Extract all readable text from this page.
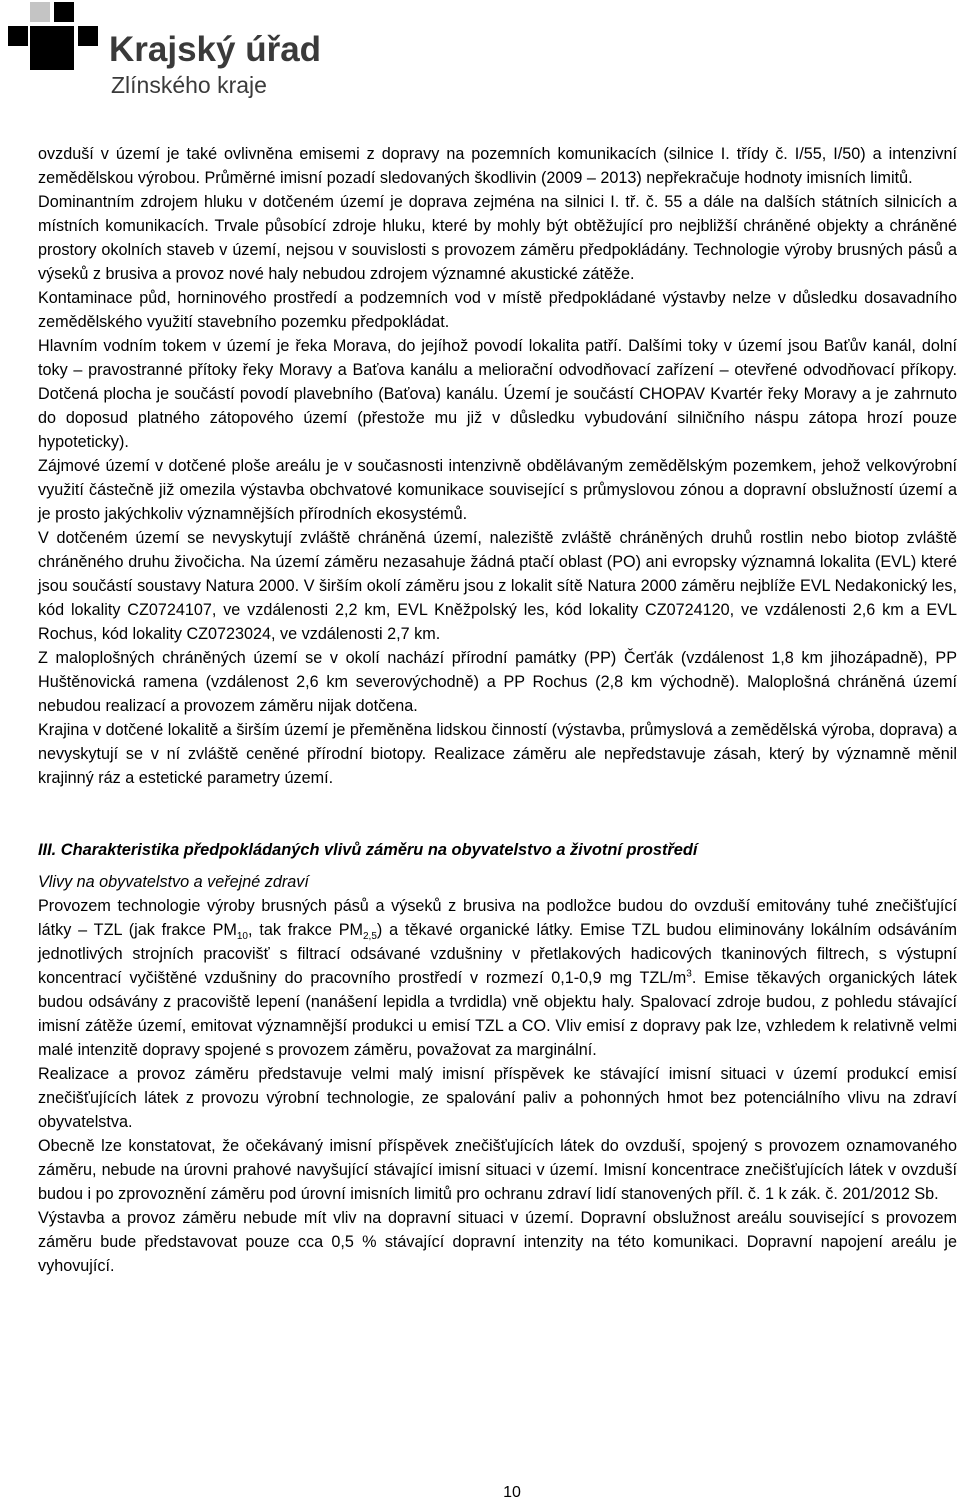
Krajský úřad
Zlínského kraje

ovzduší v území je také ovlivněna emisemi z dopravy na pozemních komunikacích (silnice I. třídy č. I/55, I/50) a intenzivní zemědělskou výrobou. Průměrné imisní pozadí sledovaných škodlivin (2009 – 2013) nepřekračuje hodnoty imisních limitů.

Dominantním zdrojem hluku v dotčeném území je doprava zejména na silnici I. tř. č. 55 a dále na dalších státních silnicích a místních komunikacích. Trvale působící zdroje hluku, které by mohly být obtěžující pro nejbližší chráněné objekty a chráněné prostory okolních staveb v území, nejsou v souvislosti s provozem záměru předpokládány. Technologie výroby brusných pásů a výseků z brusiva a provoz nové haly nebudou zdrojem významné akustické zátěže.

Kontaminace půd, horninového prostředí a podzemních vod v místě předpokládané výstavby nelze v důsledku dosavadního zemědělského využití stavebního pozemku předpokládat.

Hlavním vodním tokem v území je řeka Morava, do jejíhož povodí lokalita patří. Dalšími toky v území jsou Baťův kanál, dolní toky – pravostranné přítoky řeky Moravy a Baťova kanálu a meliorační odvodňovací zařízení – otevřené odvodňovací příkopy. Dotčená plocha je součástí povodí plavebního (Baťova) kanálu. Území je součástí CHOPAV Kvartér řeky Moravy a je zahrnuto do doposud platného zátopového území (přestože mu již v důsledku vybudování silničního náspu zátopa hrozí pouze hypoteticky).

Zájmové území v dotčené ploše areálu je v současnosti intenzivně obdělávaným zemědělským pozemkem, jehož velkovýrobní využití částečně již omezila výstavba obchvatové komunikace související s průmyslovou zónou a dopravní obslužností území a je prosto jakýchkoliv významnějších přírodních ekosystémů.

V dotčeném území se nevyskytují zvláště chráněná území, naleziště zvláště chráněných druhů rostlin nebo biotop zvláště chráněného druhu živočicha. Na území záměru nezasahuje žádná ptačí oblast (PO) ani evropsky významná lokalita (EVL) které jsou součástí soustavy Natura 2000. V širším okolí záměru jsou z lokalit sítě Natura 2000 záměru nejblíže EVL Nedakonický les, kód lokality CZ0724107, ve vzdálenosti 2,2 km, EVL Kněžpolský les, kód lokality CZ0724120, ve vzdálenosti 2,6 km a EVL Rochus, kód lokality CZ0723024, ve vzdálenosti 2,7 km.

Z maloplošných chráněných území se v okolí nachází přírodní památky (PP) Čerťák (vzdálenost 1,8 km jihozápadně), PP Huštěnovická ramena (vzdálenost 2,6 km severovýchodně) a PP Rochus (2,8 km východně). Maloplošná chráněná území nebudou realizací a provozem záměru nijak dotčena.

Krajina v dotčené lokalitě a širším území je přeměněna lidskou činností (výstavba, průmyslová a zemědělská výroba, doprava) a nevyskytují se v ní zvláště ceněné přírodní biotopy. Realizace záměru ale nepředstavuje zásah, který by významně měnil krajinný ráz a estetické parametry území.

III. Charakteristika předpokládaných vlivů záměru na obyvatelstvo a životní prostředí

Vlivy na obyvatelstvo a veřejné zdraví

Provozem technologie výroby brusných pásů a výseků z brusiva na podložce budou do ovzduší emitovány tuhé znečišťující látky – TZL (jak frakce $PM_{10}$, tak frakce $PM_{2,5}$) a těkavé organické látky. Emise TZL budou eliminovány lokálním odsáváním jednotlivých strojních pracovišť s filtrací odsávané vzdušniny v přetlakových hadicových tkaninových filtrech, s výstupní koncentrací vyčištěné vzdušniny do pracovního prostředí v rozmezí 0,1-0,9 mg TZL/$m^3$. Emise těkavých organických látek budou odsávány z pracoviště lepení (nanášení lepidla a tvrdidla) vně objektu haly. Spalovací zdroje budou, z pohledu stávající imisní zátěže území, emitovat významnější produkci u emisí TZL a CO. Vliv emisí z dopravy pak lze, vzhledem k relativně velmi malé intenzitě dopravy spojené s provozem záměru, považovat za marginální.

Realizace a provoz záměru představuje velmi malý imisní příspěvek ke stávající imisní situaci v území produkcí emisí znečišťujících látek z provozu výrobní technologie, ze spalování paliv a pohonných hmot bez potenciálního vlivu na zdraví obyvatelstva.

Obecně lze konstatovat, že očekávaný imisní příspěvek znečišťujících látek do ovzduší, spojený s provozem oznamovaného záměru, nebude na úrovni prahové navyšující stávající imisní situaci v území. Imisní koncentrace znečišťujících látek v ovzduší budou i po zprovoznění záměru pod úrovní imisních limitů pro ochranu zdraví lidí stanovených příl. č. 1 k zák. č. 201/2012 Sb.

Výstavba a provoz záměru nebude mít vliv na dopravní situaci v území. Dopravní obslužnost areálu související s provozem záměru bude představovat pouze cca 0,5 % stávající dopravní intenzity na této komunikaci. Dopravní napojení areálu je vyhovující.

10
